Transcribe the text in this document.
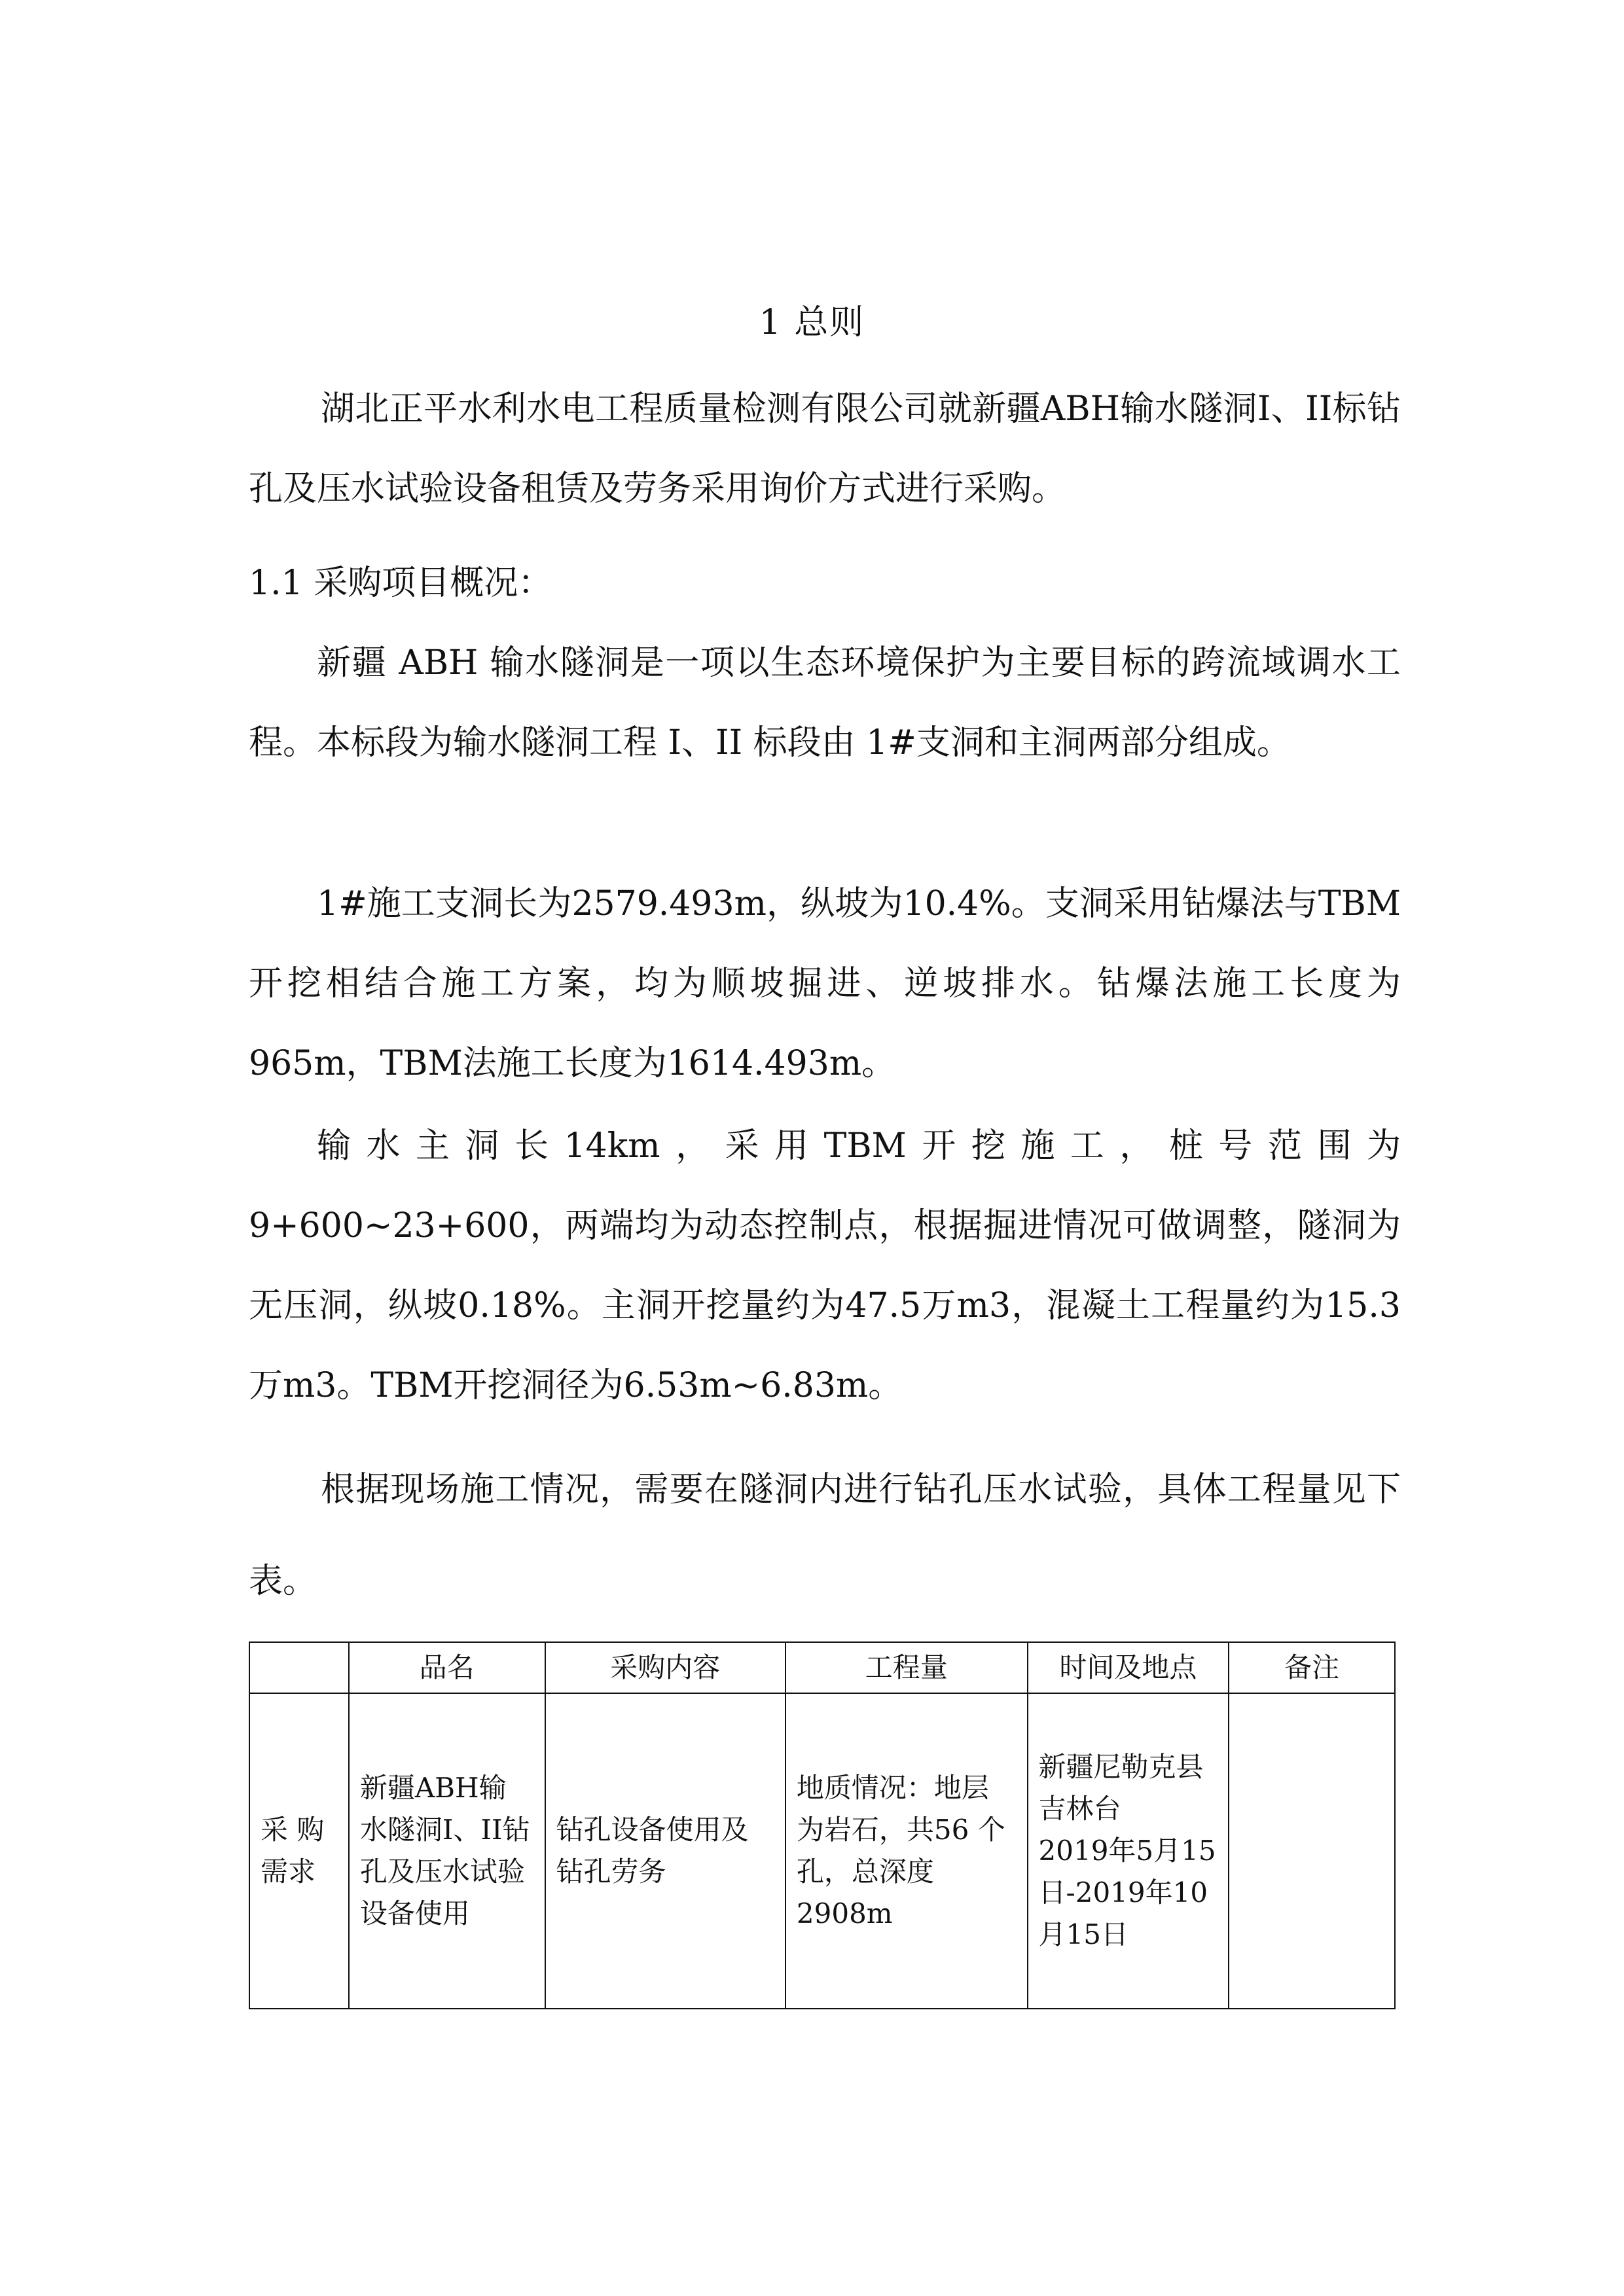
1 总则

湖北正平水利水电工程质量检测有限公司就新疆ABH输水隧洞I、II标钻孔及压水试验设备租赁及劳务采用询价方式进行采购。

1.1 采购项目概况：

新疆 ABH 输水隧洞是一项以生态环境保护为主要目标的跨流域调水工程。本标段为输水隧洞工程 I、II 标段由 1#支洞和主洞两部分组成。

1#施工支洞长为2579.493m，纵坡为10.4%。支洞采用钻爆法与TBM开挖相结合施工方案，均为顺坡掘进、逆坡排水。钻爆法施工长度为965m，TBM法施工长度为1614.493m。

输水主洞长14km，采用TBM开挖施工，桩号范围为9+600~23+600，两端均为动态控制点，根据掘进情况可做调整，隧洞为无压洞，纵坡0.18%。主洞开挖量约为47.5万m3，混凝土工程量约为15.3万m3。TBM开挖洞径为6.53m~6.83m。

根据现场施工情况，需要在隧洞内进行钻孔压水试验，具体工程量见下表。

	品名	采购内容	工程量	时间及地点	备注
采 购
需求	新疆ABH输水隧洞I、II钻孔及压水试验设备使用	钻孔设备使用及钻孔劳务	地质情况：地层为岩石，共56 个孔，总深度2908m	新疆尼勒克县吉林台
2019年5月15日-2019年10月15日	
